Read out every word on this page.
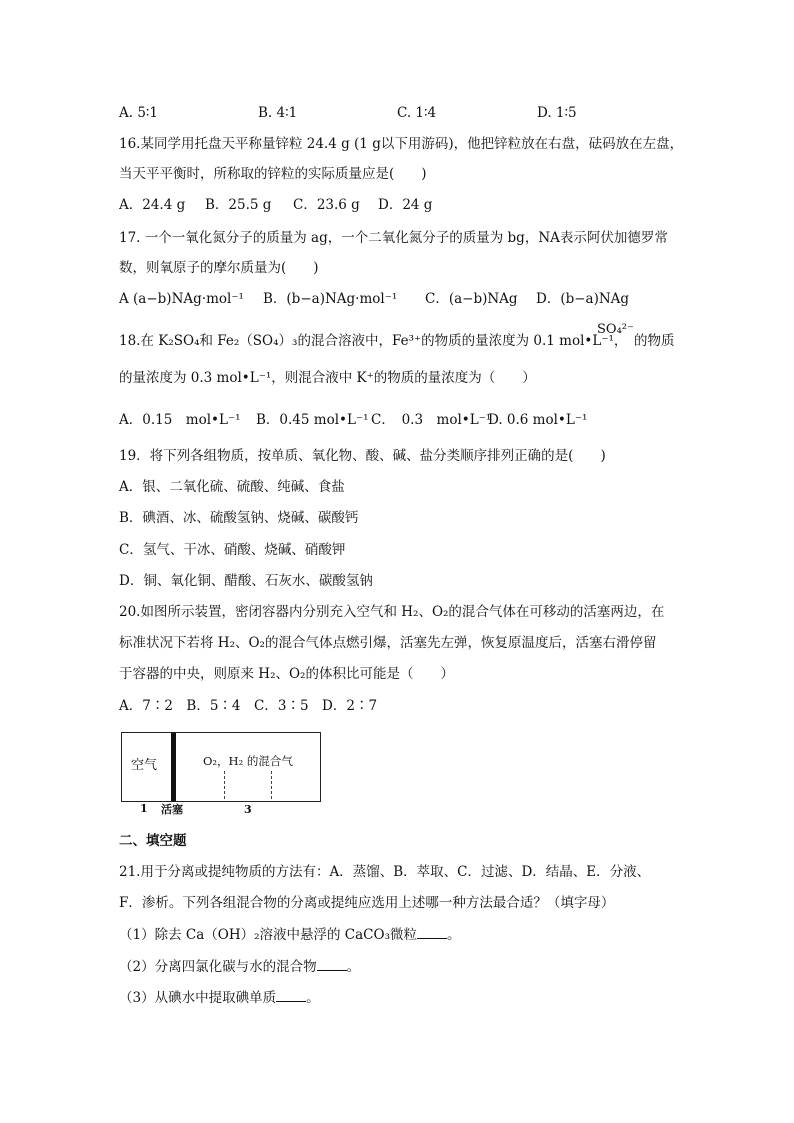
A. 5∶1	B. 4∶1	C. 1∶4	D. 1∶5
16.某同学用托盘天平称量锌粒 24.4 g (1 g以下用游码)，他把锌粒放在右盘，砝码放在左盘，
当天平平衡时，所称取的锌粒的实际质量应是(　　)
A．24.4 g B．25.5 g C．23.6 g D．24 g
17. 一个一氧化氮分子的质量为 ag，一个二氧化氮分子的质量为 bg，NA表示阿伏加德罗常
数，则氧原子的摩尔质量为(　　)
A (a−b)NAg·mol⁻¹ B．(b−a)NAg·mol⁻¹ C．(a−b)NAg D．(b−a)NAg
18.在 K₂SO₄和 Fe₂（SO₄）₃的混合溶液中，Fe³⁺的物质的量浓度为 0.1 mol•L⁻¹，
SO₄²⁻
的物质
的量浓度为 0.3 mol•L⁻¹，则混合液中 K⁺的物质的量浓度为（　　）
A．0.15　mol•L⁻¹ B．0.45 mol•L⁻¹ C．　0.3　mol•L⁻¹
D. 0.6 mol•L⁻¹
19．将下列各组物质，按单质、氧化物、酸、碱、盐分类顺序排列正确的是(　　)
A．银、二氧化硫、硫酸、纯碱、食盐
B．碘酒、冰、硫酸氢钠、烧碱、碳酸钙
C．氢气、干冰、硝酸、烧碱、硝酸钾
D．铜、氧化铜、醋酸、石灰水、碳酸氢钠
20.如图所示装置，密闭容器内分别充入空气和 H₂、O₂的混合气体在可移动的活塞两边，在
标准状况下若将 H₂、O₂的混合气体点燃引爆，活塞先左弹，恢复原温度后，活塞右滑停留
于容器的中央，则原来 H₂、O₂的体积比可能是（　　）
A．7∶2　B．5∶4　C．3∶5　D．2∶7
空气	O₂，H₂ 的混合气
1 活塞	3
二、填空题
21.用于分离或提纯物质的方法有：A．蒸馏、B．萃取、C．过滤、D．结晶、E．分液、
F．渗析。下列各组混合物的分离或提纯应选用上述哪一种方法最合适？（填字母）
（1）除去 Ca（OH）₂溶液中悬浮的 CaCO₃微粒 。
（2）分离四氯化碳与水的混合物 。
（3）从碘水中提取碘单质 。
